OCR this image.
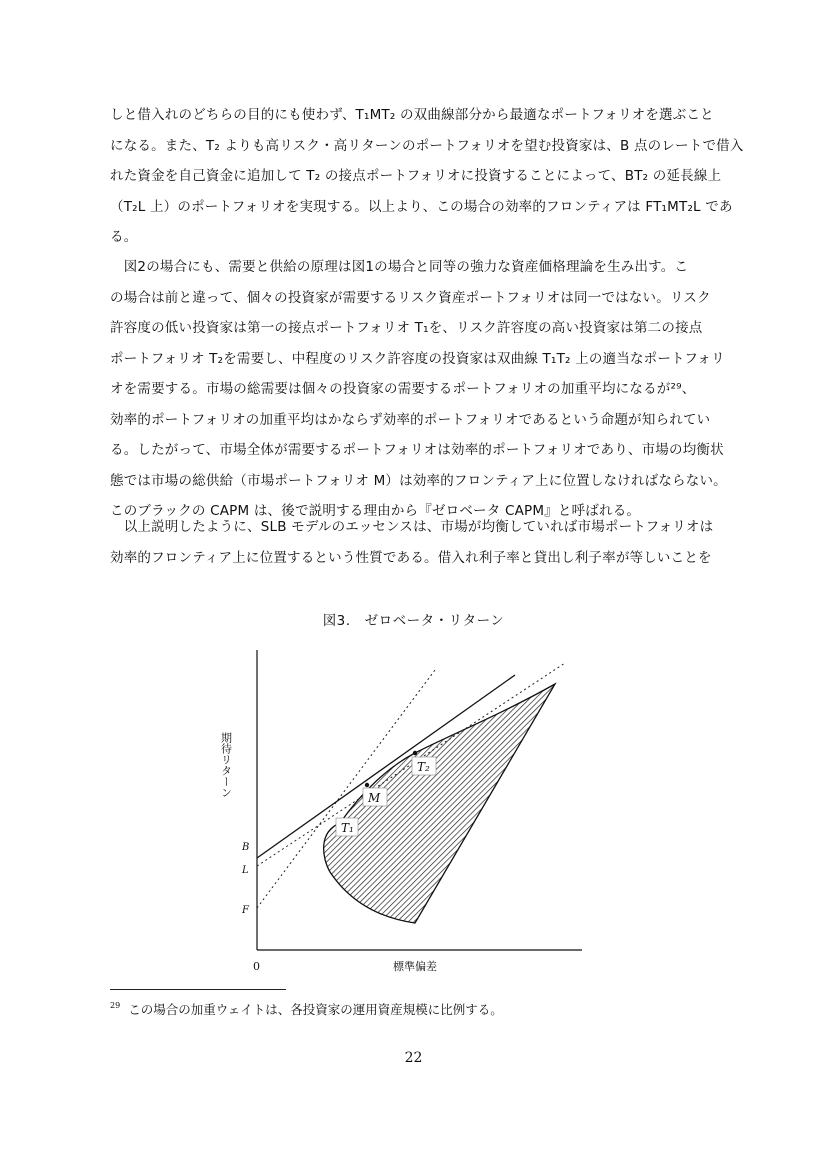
しと借入れのどちらの目的にも使わず、T₁MT₂ の双曲線部分から最適なポートフォリオを選ぶこと
になる。また、T₂ よりも高リスク・高リターンのポートフォリオを望む投資家は、B 点のレートで借入
れた資金を自己資金に追加して T₂ の接点ポートフォリオに投資することによって、BT₂ の延長線上
（T₂L 上）のポートフォリオを実現する。以上より、この場合の効率的フロンティアは FT₁MT₂L であ
る。
　図2の場合にも、需要と供給の原理は図1の場合と同等の強力な資産価格理論を生み出す。こ
の場合は前と違って、個々の投資家が需要するリスク資産ポートフォリオは同一ではない。リスク
許容度の低い投資家は第一の接点ポートフォリオ T₁を、リスク許容度の高い投資家は第二の接点
ポートフォリオ T₂を需要し、中程度のリスク許容度の投資家は双曲線 T₁T₂ 上の適当なポートフォリ
オを需要する。市場の総需要は個々の投資家の需要するポートフォリオの加重平均になるが²⁹、
効率的ポートフォリオの加重平均はかならず効率的ポートフォリオであるという命題が知られてい
る。したがって、市場全体が需要するポートフォリオは効率的ポートフォリオであり、市場の均衡状
態では市場の総供給（市場ポートフォリオ M）は効率的フロンティア上に位置しなければならない。
このブラックの CAPM は、後で説明する理由から『ゼロベータ CAPM』と呼ばれる。
　以上説明したように、SLB モデルのエッセンスは、市場が均衡していれば市場ポートフォリオは
効率的フロンティア上に位置するという性質である。借入れ利子率と貸出し利子率が等しいことを
図3.　ゼロベータ・リターン
T₁
M
T₂
B
L
F
期待リターン
標準偏差
0
$^{29}$ この場合の加重ウェイトは、各投資家の運用資産規模に比例する。
22
